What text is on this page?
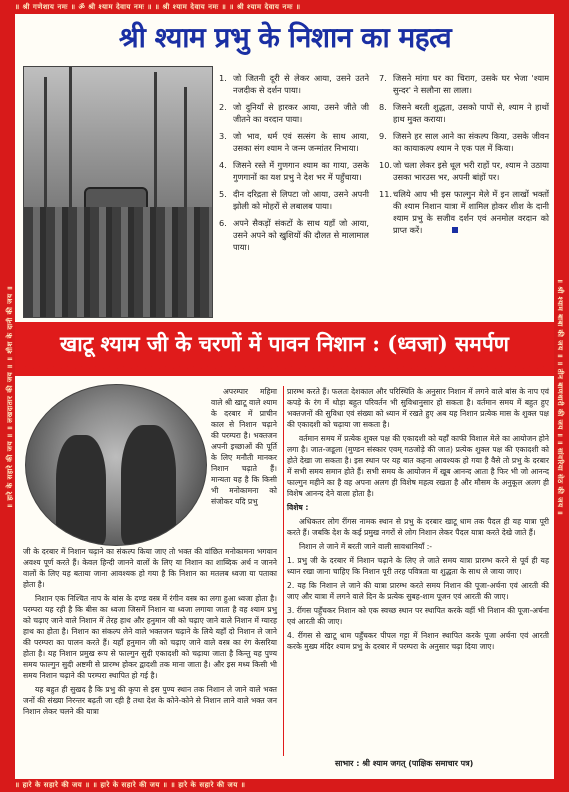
॥ श्री गणेशाय नमः ॥ ॐ श्री श्याम देवाय नमः ॥ ॥ श्री श्याम देवाय नमः ॥ ॥ श्री श्याम देवाय नमः ॥
॥ हारे के सहारे की जय ॥ ॥ हारे के सहारे की जय ॥ ॥ हारे के सहारे की जय ॥
॥ हारे के सहारे की जय ॥ ॥ लखदातार की जय ॥ ॥ शीश के दानी की जय ॥	॥ श्री श्याम बाबा की जय ॥ ॥ तीन बाणधारी की जय ॥ ॥ सांवरिया सेठ की जय ॥
श्री श्याम प्रभु के निशान का महत्व
1. जो जितनी दूरी से लेकर आया, उसने उतने नजदीक से दर्शन पाया।
2. जो दुनियाँ से हारकर आया, उसने जीते जी जीतने का वरदान पाया।
3. जो भाव, धर्म एवं सत्संग के साथ आया, उसका संग श्याम ने जन्म जन्मांतर निभाया।
4. जिसने रस्ते में गुणगान श्याम का गाया, उसके गुणगानों का यश प्रभु ने देश भर में पहुँचाया।
5. दीन दरिद्रता से लिपटा जो आया, उसने अपनी झोली को मोहरों से लबालब पाया।
6. अपने सैकड़ों संकटों के साथ यहाँ जो आया, उसने अपने को खुशियों की दौलत से मालामाल पाया।
7. जिसने मांगा घर का चिराग, उसके घर भेजा 'श्याम सुन्दर' ने सलौना सा लाला।
8. जिसने बरती शुद्धता, उसको पापों से, श्याम ने हाथों हाथ मुक्त कराया।
9. जिसने हर साल आने का संकल्प किया, उसके जीवन का कायाकल्प श्याम ने एक पल में किया।
10. जो चला लेकर इसे धूल भरी राहों पर, श्याम ने उठाया उसका भारउस भर, अपनी बांहों पर।
11. चलिये आप भी इस फाल्गुन मेले में इन लाखों भक्तों की श्याम निशान यात्रा में शामिल होकर शीश के दानी श्याम प्रभु के सजीव दर्शन एवं अनमोल वरदान को प्राप्त करें।
खाटू श्याम जी के चरणों में पावन निशान : (ध्वजा) समर्पण

अपरम्पार महिमा वाले श्री खाटू वाले श्याम के दरबार में प्राचीन काल से निशान चढ़ाने की परम्परा है। भक्तजन अपनी इच्छाओं की पूर्ति के लिए मनौती मानकर निशान चढ़ाते हैं। मान्यता यह है कि किसी भी मनोकामना को संजोकर यदि प्रभु

जी के दरबार में निशान चढ़ाने का संकल्प किया जाए तो भक्त की वांछित मनोकामना भगवान अवश्य पूर्ण करते हैं। केवल हिन्दी जानने वालों के लिए या निशान का शाब्दिक अर्थ न जानने वालों के लिए यह बताया जाना आवश्यक हो गया है कि निशान का मतलब ध्वजा या पताका होता है।

निशान एक निश्चित नाप के बांस के दण्ड वस्त्र में रंगीन वस्त्र का लगा हुआ ध्वजा होता है। परम्परा यह रही है कि बीस का ध्वजा जिसमें निशान या ध्वजा लगाया जाता है वह श्याम प्रभु को चढ़ाए जाने वाले निशान में तेरह हाथ और हनुमान जी को चढ़ाए जाने वाले निशान में ग्यारह हाथ का होता है। निशान का संकल्प लेने वाले भक्तजन चढ़ाने के लिये यहाँ दो निशान ले जाने की परम्परा का पालन करते हैं। यहाँ हनुमान जी को चढ़ाए जाने वाले वस्त्र का रंग केसरिया होता है। यह निशान प्रमुख रूप से फाल्गुन सुदी एकादशी को चढ़ाया जाता है किन्तु यह पुण्य समय फाल्गुन सुदी अष्टमी से प्रारम्भ होकर द्वादशी तक माना जाता है। और इस मध्य किसी भी समय निशान चढ़ाने की परम्परा स्थापित हो गई है।

यह बहुत ही सुखद है कि प्रभु की कृपा से इस पुण्य स्थान तक निशान ले जाने वाले भक्त जनों की संख्या निरन्तर बढ़ती जा रही है तथा देश के कोने-कोने से निशान लाने वाले भक्त जन निशान लेकर चलने की यात्रा

प्रारम्भ करते हैं। फलतः देशकाल और परिस्थिति के अनुसार निशान में लगने वाले बांस के नाप एवं कपड़े के रंग में थोड़ा बहुत परिवर्तन भी सुविधानुसार हो सकता है। वर्तमान समय में बहुत हुए भक्तजनों की सुविधा एवं संख्या को ध्यान में रखते हुए अब यह निशान प्रत्येक मास के शुक्ल पक्ष की एकादशी को चढ़ाया जा सकता है।

वर्तमान समय में प्रत्येक शुक्ल पक्ष की एकादशी को यहाँ काफी विशाल मेले का आयोजन होने लगा है। जात-जडूला (मुण्डन संस्कार एवम् गठजोड़े की जात) प्रत्येक शुक्ल पक्ष की एकादशी को होते देखा जा सकता है। इस स्थान पर यह बात कहना आवश्यक हो गया है वैसे तो प्रभु के दरबार में सभी समय समान होते हैं। सभी समय के आयोजन में खूब आनन्द आता है फिर भी जो आनन्द फाल्गुन महीने का है वह अपना अलग ही विशेष महत्व रखता है और मौसम के अनुकूल अलग ही विशेष आनन्द देने वाला होता है।

विशेष :

अधिकतर लोग रींगस नामक स्थान से प्रभु के दरबार खाटू धाम तक पैदल ही यह यात्रा पूरी करते हैं। जबकि देश के कई प्रमुख नगरों से लोग निशान लेकर पैदल यात्रा करते देखे जाते हैं।

निशान ले जाने में बरती जाने वाली सावधानियाँ :-

1. प्रभु जी के दरबार में निशान चढ़ाने के लिए ले जाते समय यात्रा प्रारम्भ करने से पूर्व ही यह ध्यान रखा जाना चाहिए कि निशान पूरी तरह पवित्रता या शुद्धता के साथ ले जाया जाए।

2. यह कि निशान ले जाने की यात्रा प्रारम्भ करते समय निशान की पूजा-अर्चना एवं आरती की जाए और यात्रा में लगने वाले दिन के प्रत्येक सुबह-शाम पूजन एवं आरती की जाए।

3. रींगस पहुँचकर निशान को एक स्वच्छ स्थान पर स्थापित करके वहीं भी निशान की पूजा-अर्चना एवं आरती की जाए।

4. रींगस से खाटू धाम पहुँचकर पीपल गट्टा में निशान स्थापित करके पूजा अर्चना एवं आरती करके मुख्य मंदिर श्याम प्रभु के दरबार में परम्परा के अनुसार चढ़ा दिया जाए।

साभार : श्री श्याम जगत् (पाक्षिक समाचार पत्र)
